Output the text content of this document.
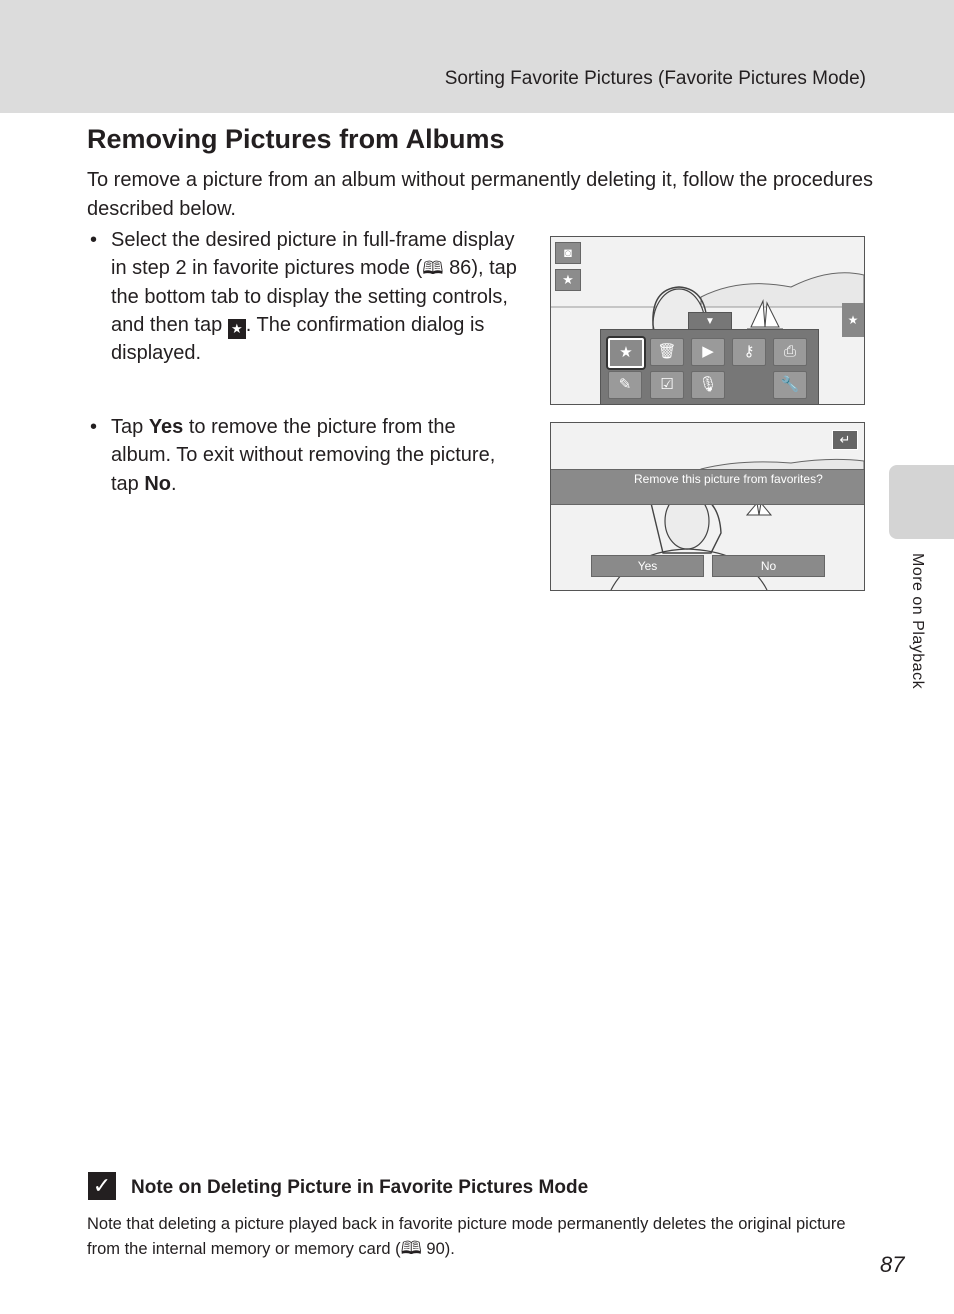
Sorting Favorite Pictures (Favorite Pictures Mode)
More on Playback
Removing Pictures from Albums

To remove a picture from an album without permanently deleting it, follow the procedures described below.

• Select the desired picture in full-frame display in step 2 in favorite pictures mode (🕮 86), tap the bottom tab to display the setting controls, and then tap ★ . The confirmation dialog is displayed.
• Tap Yes to remove the picture from the album. To exit without removing the picture, tap No.
◙
★
★
▼
★	🗑	▶	⚷	⎙
✎	☑	🎙	🔧
↵
Remove this picture from favorites?
Yes	No
✓ Note on Deleting Picture in Favorite Pictures Mode
Note that deleting a picture played back in favorite picture mode permanently deletes the original picture from the internal memory or memory card (🕮 90).
87
